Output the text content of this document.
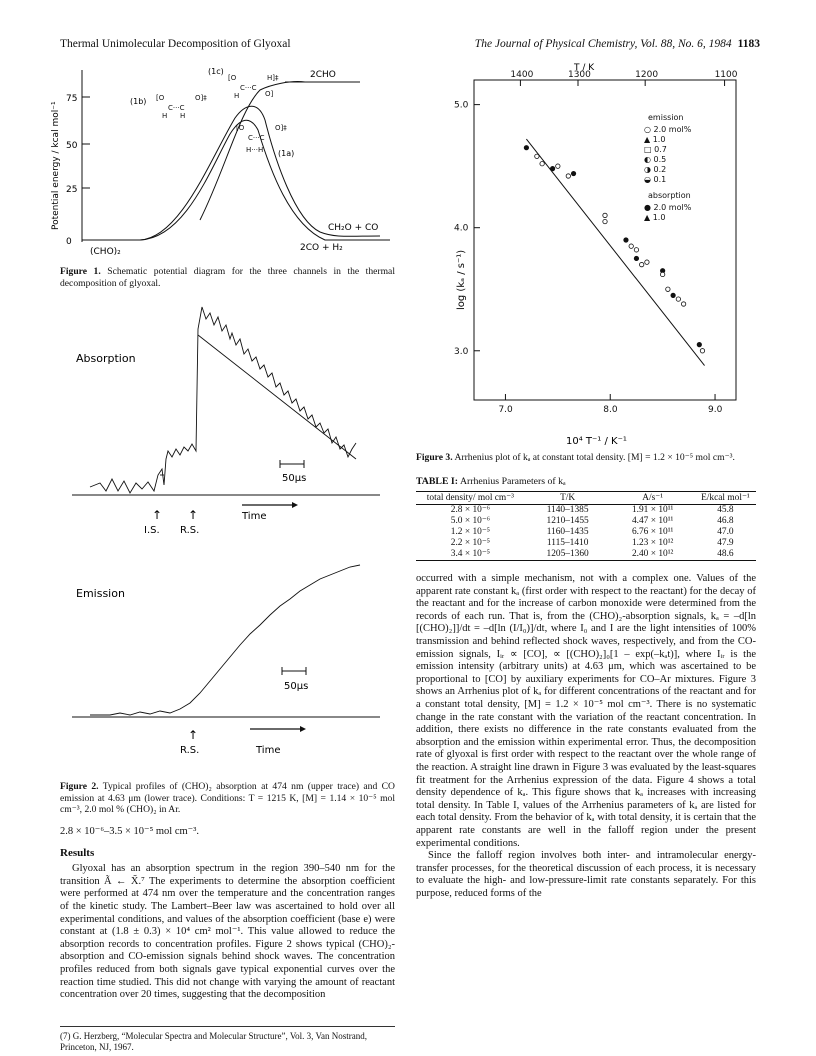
Thermal Unimolecular Decomposition of Glyoxal	The Journal of Physical Chemistry, Vol. 88, No. 6, 1984 1183
0
25
50
75
Potential energy / kcal mol⁻¹
(CHO)₂
CH₂O + CO
2CO + H₂
2CHO
(1a)
(1b)
(1c)
[O
C···C
O]‡
H H
[O
C···C
H]‡
H	O]
[O
C···C
O]‡
H···H
Figure 1. Schematic potential diagram for the three channels in the thermal decomposition of glyoxal.
Absorption
50μs
↑ ↑
I.S. R.S.
Time
Emission
50μs
↑
R.S.	Time
Figure 2. Typical profiles of (CHO)₂ absorption at 474 nm (upper trace) and CO emission at 4.63 μm (lower trace). Conditions: T = 1215 K, [M] = 1.14 × 10⁻⁵ mol cm⁻³, 2.0 mol % (CHO)₂ in Ar.

2.8 × 10⁻⁶–3.5 × 10⁻⁵ mol cm⁻³.

Results

Glyoxal has an absorption spectrum in the region 390–540 nm for the transition Ã ← X̃.⁷ The experiments to determine the absorption coefficient were performed at 474 nm over the temperature and the concentration ranges of the kinetic study. The Lambert–Beer law was ascertained to hold over all experimental conditions, and values of the absorption coefficient (base e) were constant at (1.8 ± 0.3) × 10⁴ cm² mol⁻¹. This value allowed to reduce the absorption records to concentration profiles. Figure 2 shows typical (CHO)₂-absorption and CO-emission signals behind shock waves. The concentration profiles reduced from both signals gave typical exponential curves over the reaction time studied. This did not change with varying the amount of reactant concentration over 20 times, suggesting that the decomposition

(7) G. Herzberg, “Molecular Spectra and Molecular Structure”, Vol. 3, Van Nostrand, Princeton, NJ, 1967.
T / K
3.0
4.0
5.0
7.0	8.0	9.0
1400	1300	1200	1100
log (kₐ / s⁻¹)
10⁴ T⁻¹ / K⁻¹
emission
○ 2.0 mol%
▲ 1.0
□ 0.7
◐ 0.5
◑ 0.2
◒ 0.1
absorption
● 2.0 mol%
▲ 1.0
Figure 3. Arrhenius plot of kₐ at constant total density. [M] = 1.2 × 10⁻⁵ mol cm⁻³.
TABLE I: Arrhenius Parameters of kₐ
total density/ mol cm⁻³	T/K	A/s⁻¹	E/kcal mol⁻¹
2.8 × 10⁻⁶	1140–1385	1.91 × 10¹¹	45.8
5.0 × 10⁻⁶	1210–1455	4.47 × 10¹¹	46.8
1.2 × 10⁻⁵	1160–1435	6.76 × 10¹¹	47.0
2.2 × 10⁻⁵	1115–1410	1.23 × 10¹²	47.9
3.4 × 10⁻⁵	1205–1360	2.40 × 10¹²	48.6

occurred with a simple mechanism, not with a complex one. Values of the apparent rate constant kₐ (first order with respect to the reactant) for the decay of the reactant and for the increase of carbon monoxide were determined from the records of each run. That is, from the (CHO)₂-absorption signals, kₐ = –d[ln [(CHO)₂]]/dt = –d[ln (I/I₀)]/dt, where I₀ and I are the light intensities of 100% transmission and behind reflected shock waves, respectively, and from the CO-emission signals, Iᵢᵣ ∝ [CO], ∝ [(CHO)₂]₀[1 – exp(–kₐt)], where Iᵢᵣ is the emission intensity (arbitrary units) at 4.63 μm, which was ascertained to be proportional to [CO] by auxiliary experiments for CO–Ar mixtures. Figure 3 shows an Arrhenius plot of kₐ for different concentrations of the reactant and for a constant total density, [M] = 1.2 × 10⁻⁵ mol cm⁻³. There is no systematic change in the rate constant with the variation of the reactant concentration. In addition, there exists no difference in the rate constants evaluated from the absorption and the emission within experimental error. Thus, the decomposition rate of glyoxal is first order with respect to the reactant over the whole range of the reaction. A straight line drawn in Figure 3 was evaluated by the least-squares fit treatment for the Arrhenius expression of the data. Figure 4 shows a total density dependence of kₐ. This figure shows that kₐ increases with increasing total density. In Table I, values of the Arrhenius parameters of kₐ are listed for each total density. From the behavior of kₐ with total density, it is certain that the apparent rate constants are well in the falloff region under the present experimental conditions.

Since the falloff region involves both inter- and intramolecular energy-transfer processes, for the theoretical discussion of each process, it is necessary to evaluate the high- and low-pressure-limit rate constants separately. For this purpose, reduced forms of the
